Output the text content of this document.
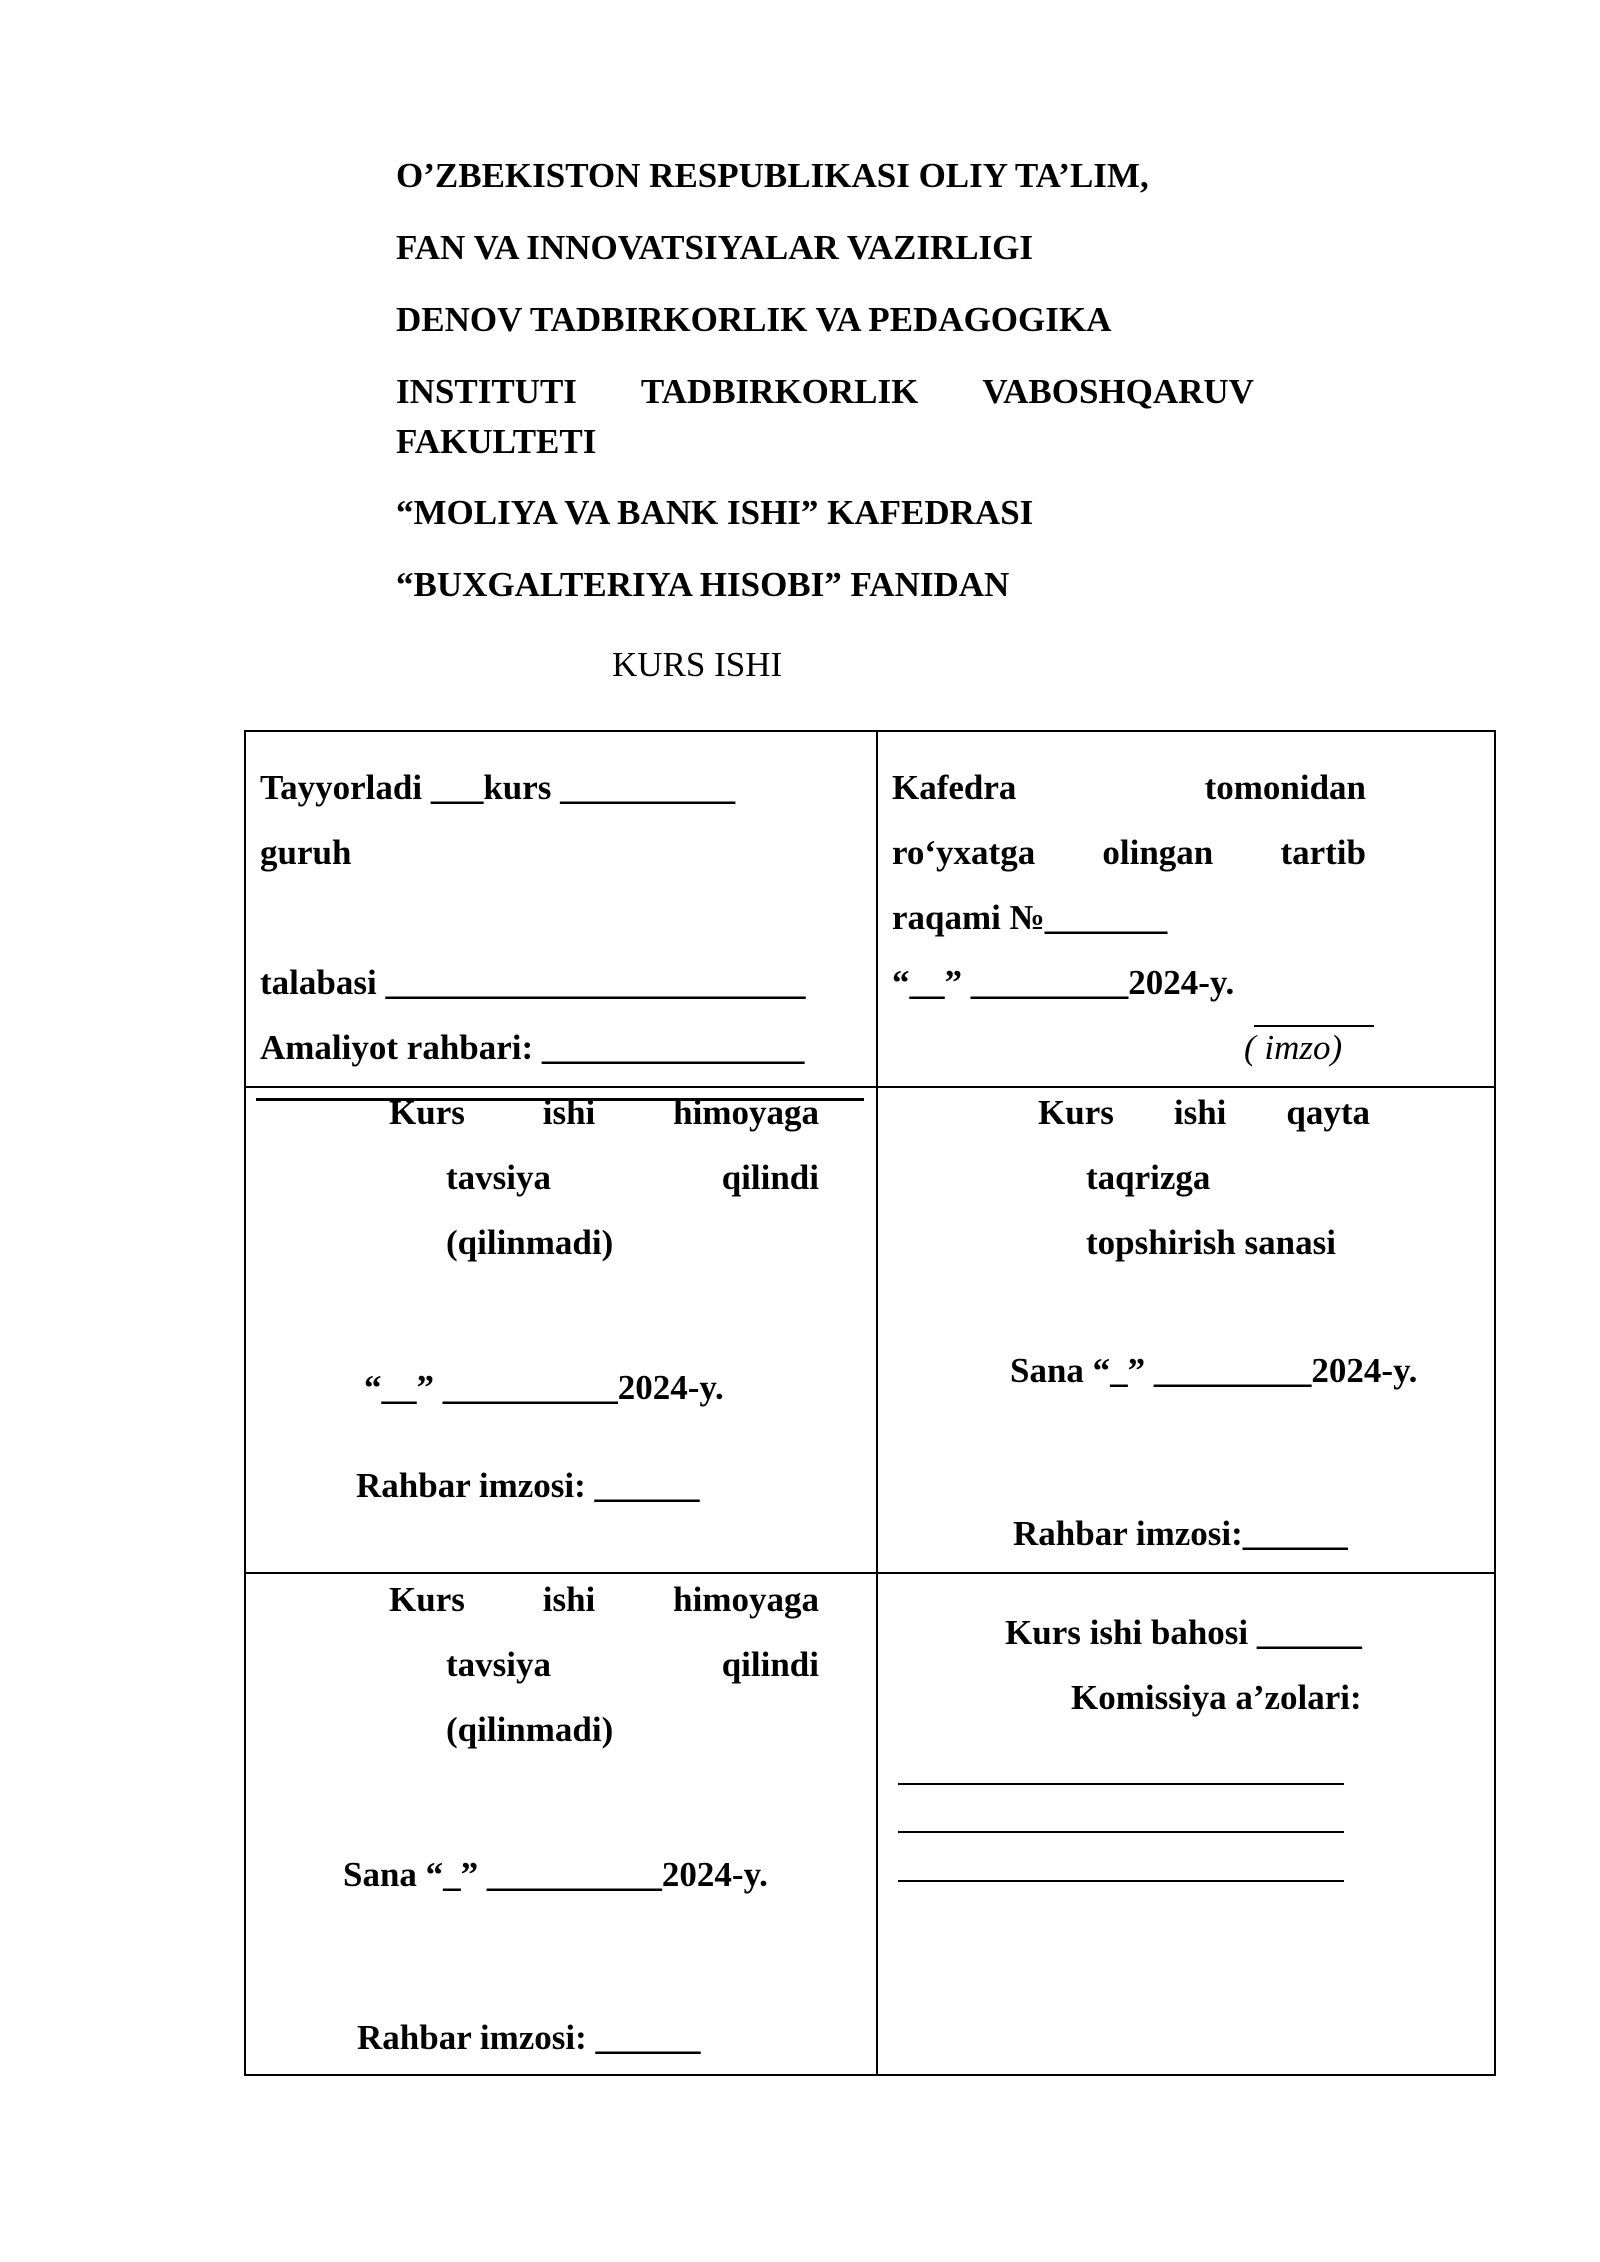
O’ZBEKISTON RESPUBLIKASI OLIY TA’LIM,
FAN VA INNOVATSIYALAR VAZIRLIGI
DENOV TADBIRKORLIK VA PEDAGOGIKA
INSTITUTI TADBIRKORLIK VABOSHQARUV
FAKULTETI
“MOLIYA VA BANK ISHI” KAFEDRASI
“BUXGALTERIYA HISOBI” FANIDAN
KURS ISHI
Tayyorladi ___kurs __________
guruh
talabasi ________________________
Amaliyot rahbari: _______________
Kafedra	tomonidan
ro‘yxatga olingan tartib
raqami №_______
“__” _________2024-y.
( imzo)
Kurs ishi himoyaga
tavsiya	qilindi
(qilinmadi)
“__” __________2024-y.
Rahbar imzosi: ______
Kurs ishi qayta
taqrizga
topshirish sanasi
Sana “_” _________2024-y.
Rahbar imzosi:______
Kurs ishi himoyaga
tavsiya	qilindi
(qilinmadi)
Sana “_” __________2024-y.
Rahbar imzosi: ______
Kurs ishi bahosi ______
Komissiya a’zolari:
